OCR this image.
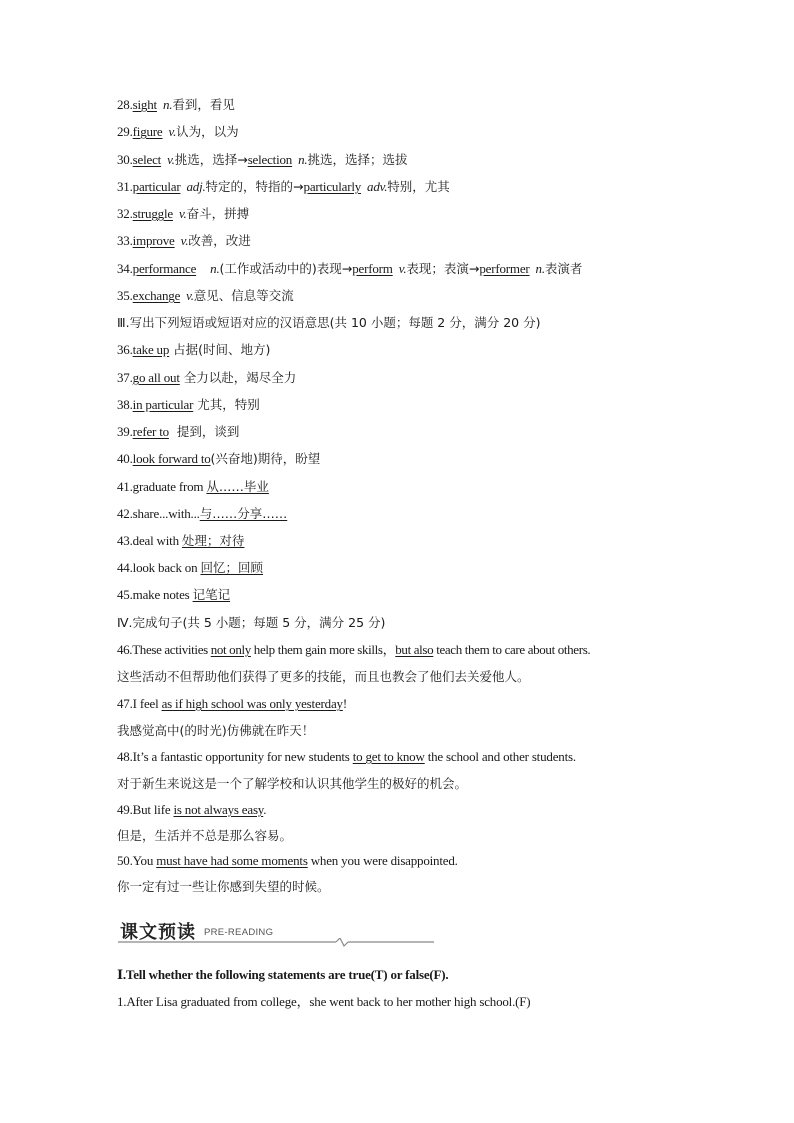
28.sight n.看到，看见
29.figure v.认为，以为
30.select v.挑选，选择→selection n.挑选，选择；选拔
31.particular adj.特定的，特指的→particularly adv.特别，尤其
32.struggle v.奋斗，拼搏
33.improve v.改善，改进
34.performance n.(工作或活动中的)表现→perform v.表现；表演→performer n.表演者
35.exchange v.意见、信息等交流
Ⅲ.写出下列短语或短语对应的汉语意思(共 10 小题；每题 2 分，满分 20 分)
36.take up 占据(时间、地方)
37.go all out 全力以赴，竭尽全力
38.in particular 尤其，特别
39.refer to  提到，谈到
40.look forward to(兴奋地)期待，盼望
41.graduate from 从……毕业
42.share...with...与……分享……
43.deal with 处理；对待
44.look back on 回忆；回顾
45.make notes 记笔记
Ⅳ.完成句子(共 5 小题；每题 5 分，满分 25 分)
46.These activities not only help them gain more skills，but also teach them to care about others.
这些活动不但帮助他们获得了更多的技能，而且也教会了他们去关爱他人。
47.I feel as if high school was only yesterday!
我感觉高中(的时光)仿佛就在昨天！
48.It’s a fantastic opportunity for new students to get to know the school and other students.
对于新生来说这是一个了解学校和认识其他学生的极好的机会。
49.But life is not always easy.
但是，生活并不总是那么容易。
50.You must have had some moments when you were disappointed.
你一定有过一些让你感到失望的时候。
课文预读 PRE-READING
Ⅰ.Tell whether the following statements are true(T) or false(F).
1.After Lisa graduated from college，she went back to her mother high school.(F)
